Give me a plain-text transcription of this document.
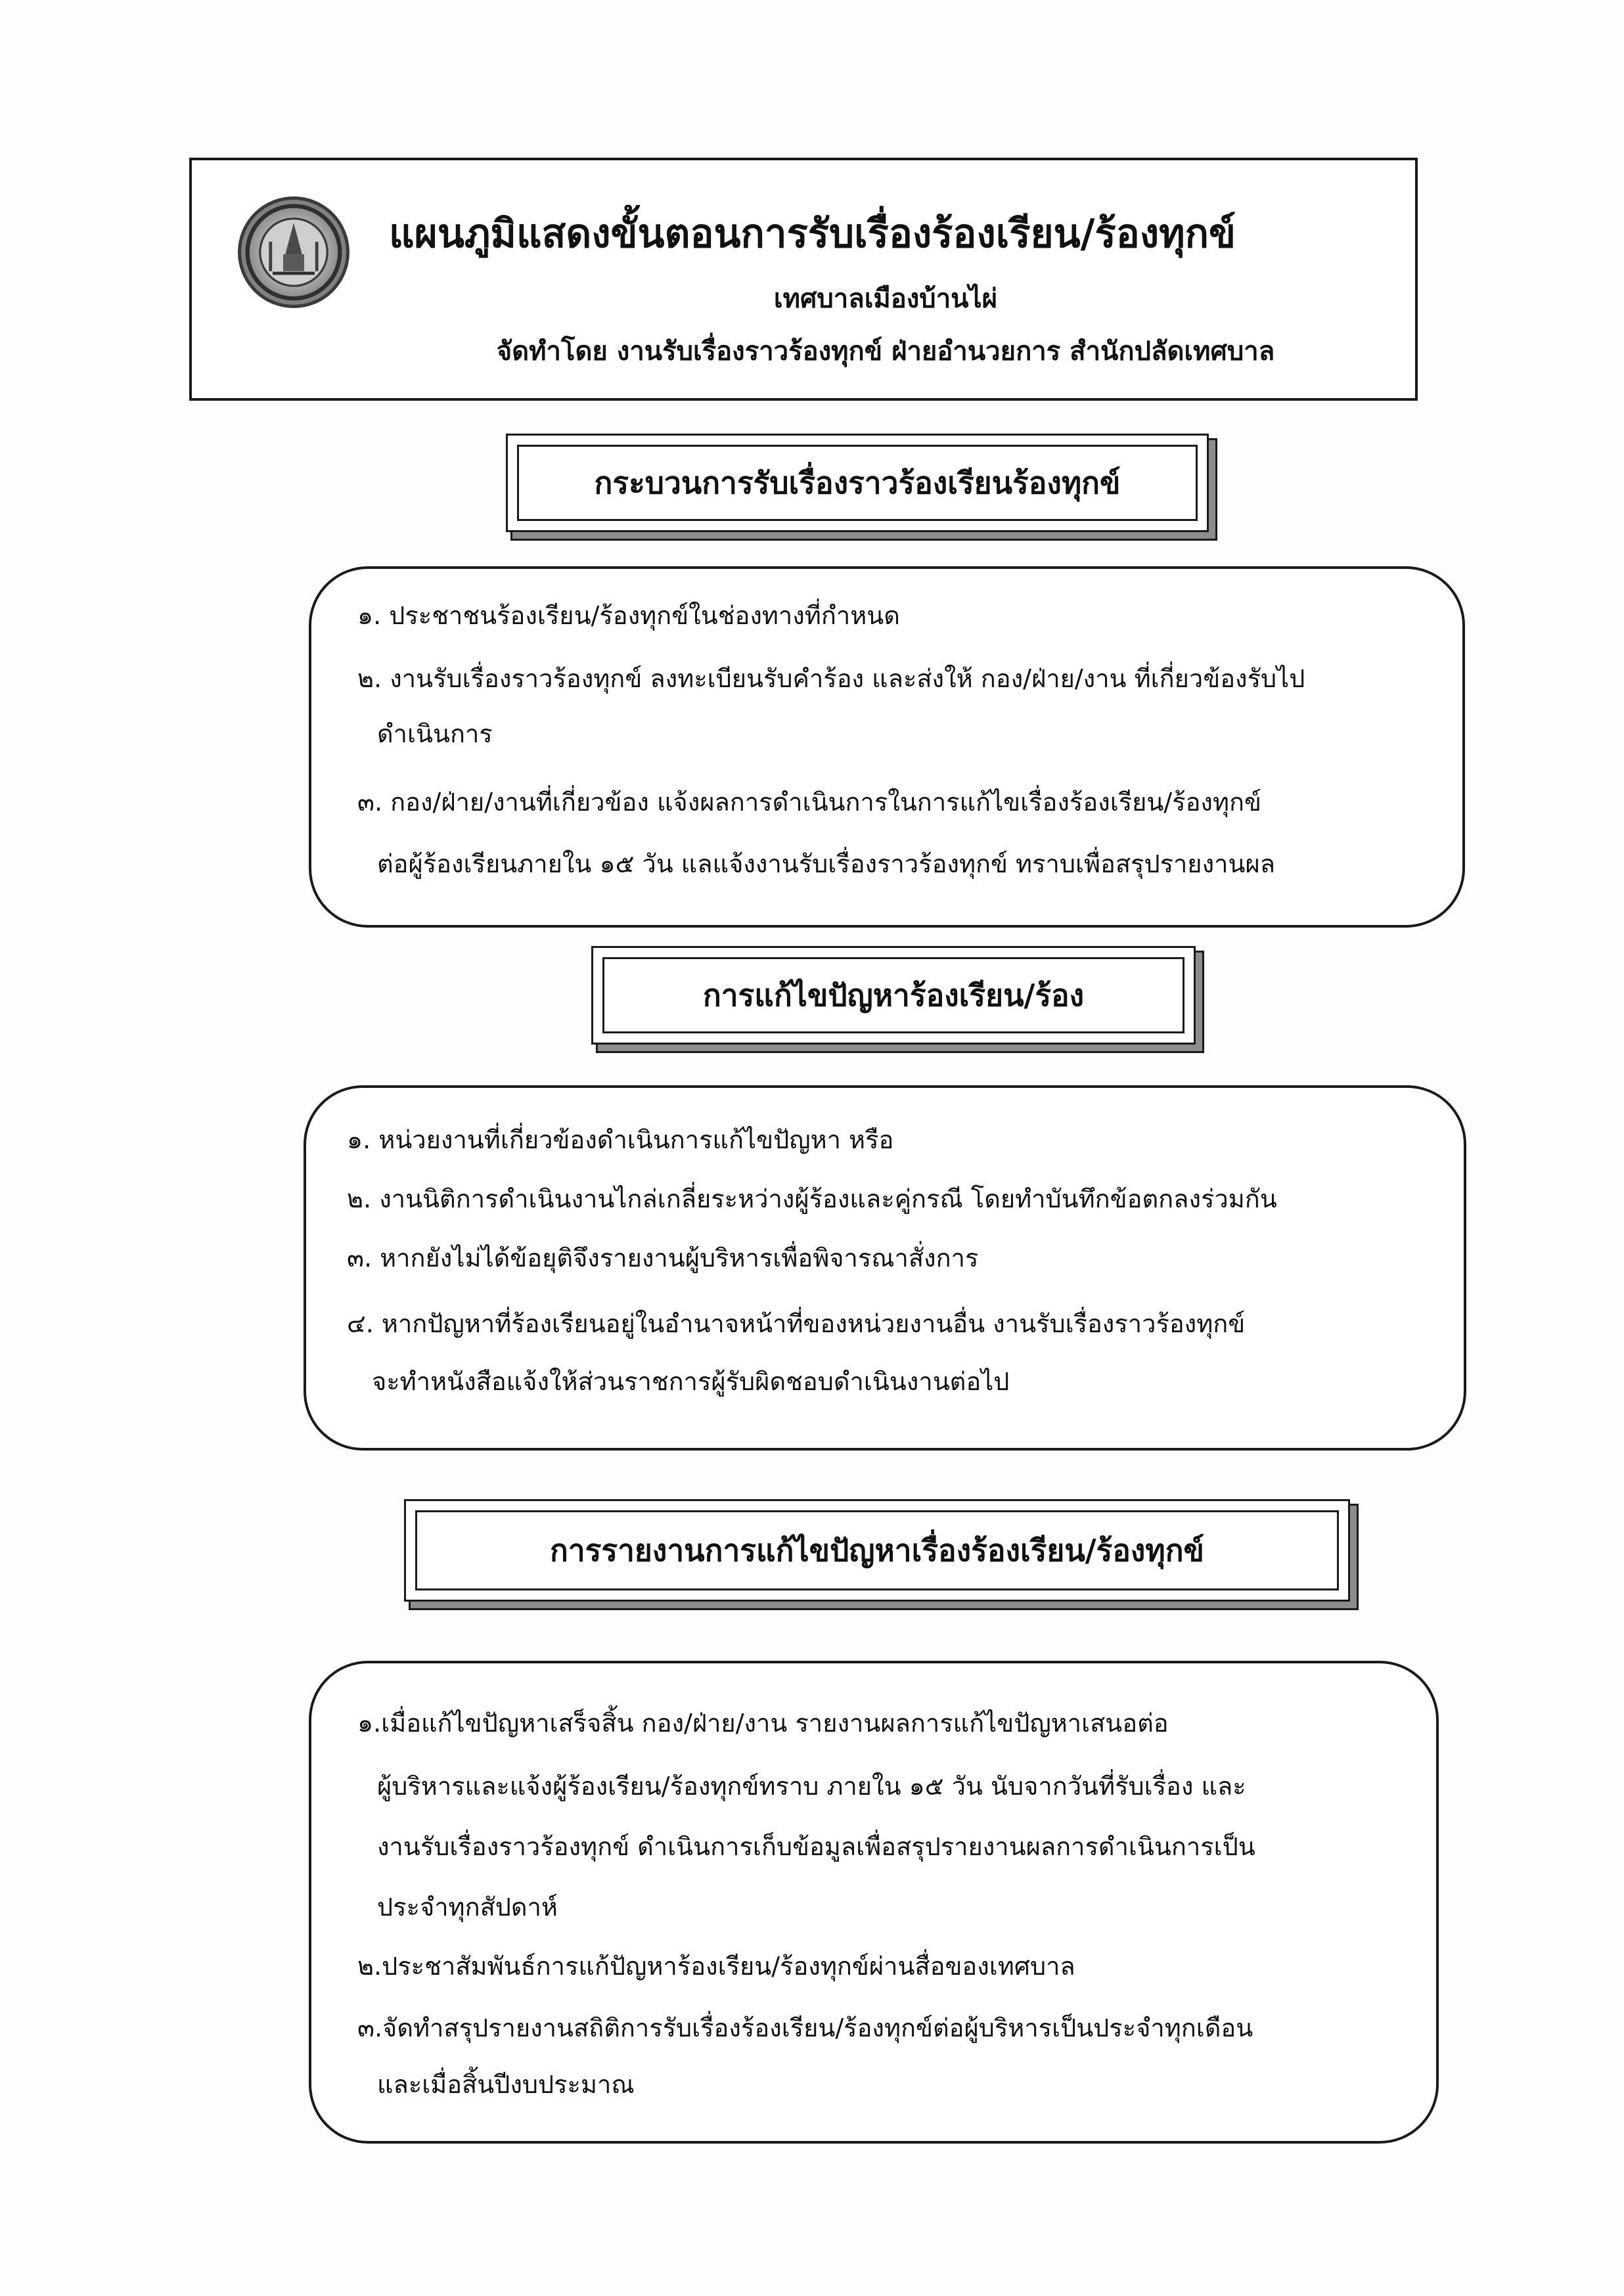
แผนภูมิแสดงขั้นตอนการรับเรื่องร้องเรียน/ร้องทุกข์
เทศบาลเมืองบ้านไผ่
จัดทำโดย งานรับเรื่องราวร้องทุกข์ ฝ่ายอำนวยการ สำนักปลัดเทศบาล
กระบวนการรับเรื่องราวร้องเรียนร้องทุกข์
๑. ประชาชนร้องเรียน/ร้องทุกข์ในช่องทางที่กำหนด
๒. งานรับเรื่องราวร้องทุกข์ ลงทะเบียนรับคำร้อง และส่งให้ กอง/ฝ่าย/งาน ที่เกี่ยวข้องรับไป
ดำเนินการ
๓. กอง/ฝ่าย/งานที่เกี่ยวข้อง แจ้งผลการดำเนินการในการแก้ไขเรื่องร้องเรียน/ร้องทุกข์
ต่อผู้ร้องเรียนภายใน ๑๕ วัน แลแจ้งงานรับเรื่องราวร้องทุกข์ ทราบเพื่อสรุปรายงานผล
การแก้ไขปัญหาร้องเรียน/ร้อง
๑. หน่วยงานที่เกี่ยวข้องดำเนินการแก้ไขปัญหา หรือ
๒. งานนิติการดำเนินงานไกล่เกลี่ยระหว่างผู้ร้องและคู่กรณี โดยทำบันทึกข้อตกลงร่วมกัน
๓. หากยังไม่ได้ข้อยุติจึงรายงานผู้บริหารเพื่อพิจารณาสั่งการ
๔. หากปัญหาที่ร้องเรียนอยู่ในอำนาจหน้าที่ของหน่วยงานอื่น งานรับเรื่องราวร้องทุกข์
จะทำหนังสือแจ้งให้ส่วนราชการผู้รับผิดชอบดำเนินงานต่อไป
การรายงานการแก้ไขปัญหาเรื่องร้องเรียน/ร้องทุกข์
๑.เมื่อแก้ไขปัญหาเสร็จสิ้น กอง/ฝ่าย/งาน รายงานผลการแก้ไขปัญหาเสนอต่อ
ผู้บริหารและแจ้งผู้ร้องเรียน/ร้องทุกข์ทราบ ภายใน ๑๕ วัน นับจากวันที่รับเรื่อง และ
งานรับเรื่องราวร้องทุกข์ ดำเนินการเก็บข้อมูลเพื่อสรุปรายงานผลการดำเนินการเป็น
ประจำทุกสัปดาห์
๒.ประชาสัมพันธ์การแก้ปัญหาร้องเรียน/ร้องทุกข์ผ่านสื่อของเทศบาล
๓.จัดทำสรุปรายงานสถิติการรับเรื่องร้องเรียน/ร้องทุกข์ต่อผู้บริหารเป็นประจำทุกเดือน
และเมื่อสิ้นปีงบประมาณ
